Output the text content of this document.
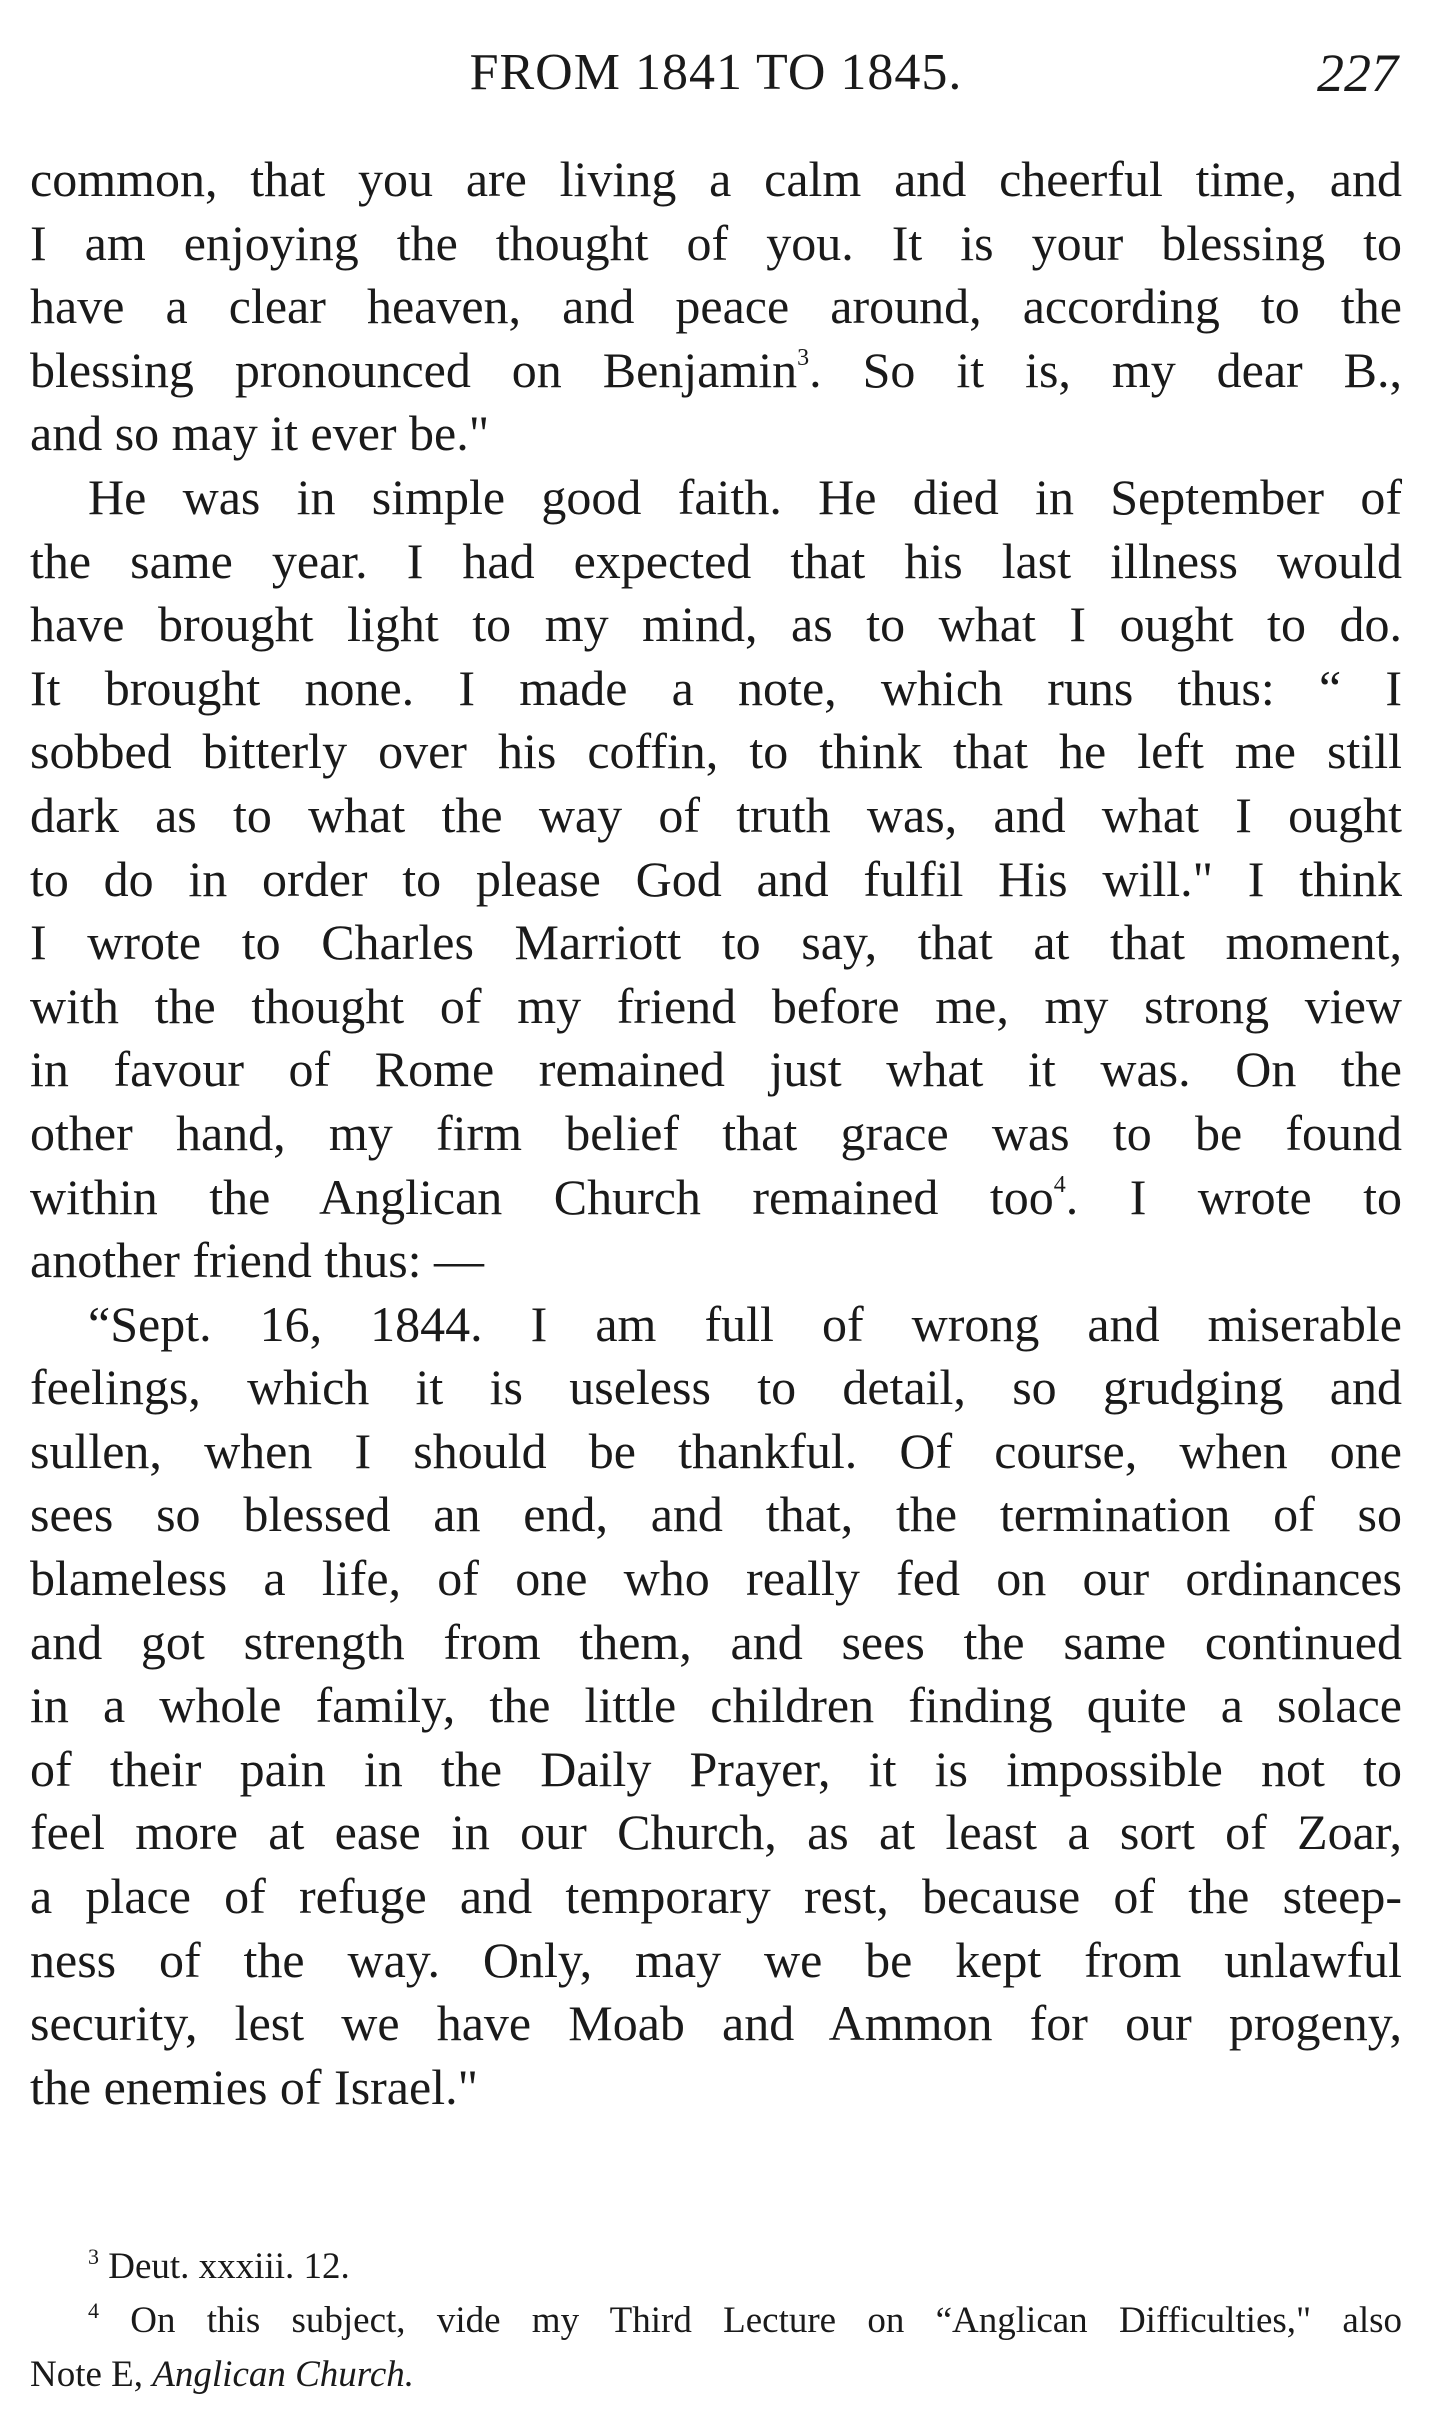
FROM 1841 TO 1845.	227
common, that you are living a calm and cheerful time, and
I am enjoying the thought of you. It is your blessing to
have a clear heaven, and peace around, according to the
blessing pronounced on Benjamin$^3$. So it is, my dear B.,
and so may it ever be."
He was in simple good faith. He died in September of
the same year. I had expected that his last illness would
have brought light to my mind, as to what I ought to do.
It brought none. I made a note, which runs thus: “ I
sobbed bitterly over his coffin, to think that he left me still
dark as to what the way of truth was, and what I ought
to do in order to please God and fulfil His will." I think
I wrote to Charles Marriott to say, that at that moment,
with the thought of my friend before me, my strong view
in favour of Rome remained just what it was. On the
other hand, my firm belief that grace was to be found
within the Anglican Church remained too$^4$. I wrote to
another friend thus: —
“Sept. 16, 1844. I am full of wrong and miserable
feelings, which it is useless to detail, so grudging and
sullen, when I should be thankful. Of course, when one
sees so blessed an end, and that, the termination of so
blameless a life, of one who really fed on our ordinances
and got strength from them, and sees the same continued
in a whole family, the little children finding quite a solace
of their pain in the Daily Prayer, it is impossible not to
feel more at ease in our Church, as at least a sort of Zoar,
a place of refuge and temporary rest, because of the steep-
ness of the way. Only, may we be kept from unlawful
security, lest we have Moab and Ammon for our progeny,
the enemies of Israel."
$^3$ Deut. xxxiii. 12.
$^4$ On this subject, vide my Third Lecture on “Anglican Difficulties," also
Note E, Anglican Church.
